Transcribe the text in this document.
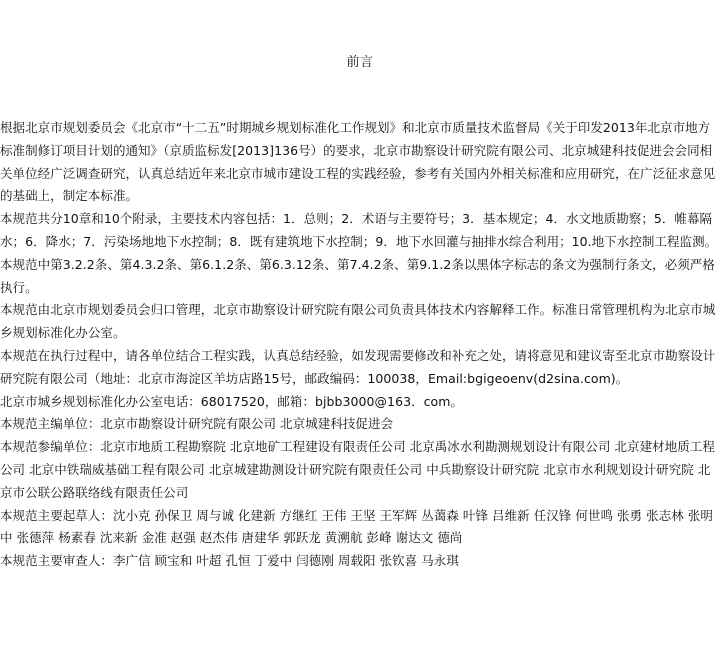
前言

根据北京市规划委员会《北京市“十二五”时期城乡规划标准化工作规划》和北京市质量技术监督局《关于印发2013年北京市地方标准制修订项目计划的通知》（京质监标发[2013]136号）的要求，北京市勘察设计研究院有限公司、北京城建科技促进会会同相关单位经广泛调查研究，认真总结近年来北京市城市建设工程的实践经验，参考有关国内外相关标准和应用研究，在广泛征求意见的基础上，制定本标准。

本规范共分10章和10个附录，主要技术内容包括：1．总则；2．术语与主要符号；3．基本规定；4．水文地质勘察；5．帷幕隔水；6．降水；7．污染场地地下水控制；8．既有建筑地下水控制；9．地下水回灌与抽排水综合利用；10.地下水控制工程监测。

本规范中第3.2.2条、第4.3.2条、第6.1.2条、第6.3.12条、第7.4.2条、第9.1.2条以黑体字标志的条文为强制行条文，必须严格执行。

本规范由北京市规划委员会归口管理，北京市勘察设计研究院有限公司负责具体技术内容解释工作。标准日常管理机构为北京市城乡规划标准化办公室。

本规范在执行过程中，请各单位结合工程实践，认真总结经验，如发现需要修改和补充之处，请将意见和建议寄至北京市勘察设计研究院有限公司（地址：北京市海淀区羊坊店路15号，邮政编码：100038，Email:bgigeoenv(d2sina.com)。

北京市城乡规划标准化办公室电话：68017520，邮箱：bjbb3000@163．com。

本规范主编单位：北京市勘察设计研究院有限公司 北京城建科技促进会

本规范参编单位：北京市地质工程勘察院 北京地矿工程建设有限责任公司 北京禹冰水利勘测规划设计有限公司 北京建材地质工程公司 北京中铁瑞威基础工程有限公司 北京城建勘测设计研究院有限责任公司 中兵勘察设计研究院 北京市水利规划设计研究院 北京市公联公路联络线有限责任公司

本规范主要起草人：沈小克 孙保卫 周与诚 化建新 方继红 王伟 王坚 王军辉 丛蔼森 叶锋 吕维新 任汉锋 何世鸣 张勇 张志林 张明中 张德萍 杨素春 沈来新 金准 赵强 赵杰伟 唐建华 郭跃龙 黄溯航 彭峰 谢达文 德尚

本规范主要审查人：李广信 顾宝和 叶超 孔恒 丁爱中 闫德刚 周载阳 张钦喜 马永琪
